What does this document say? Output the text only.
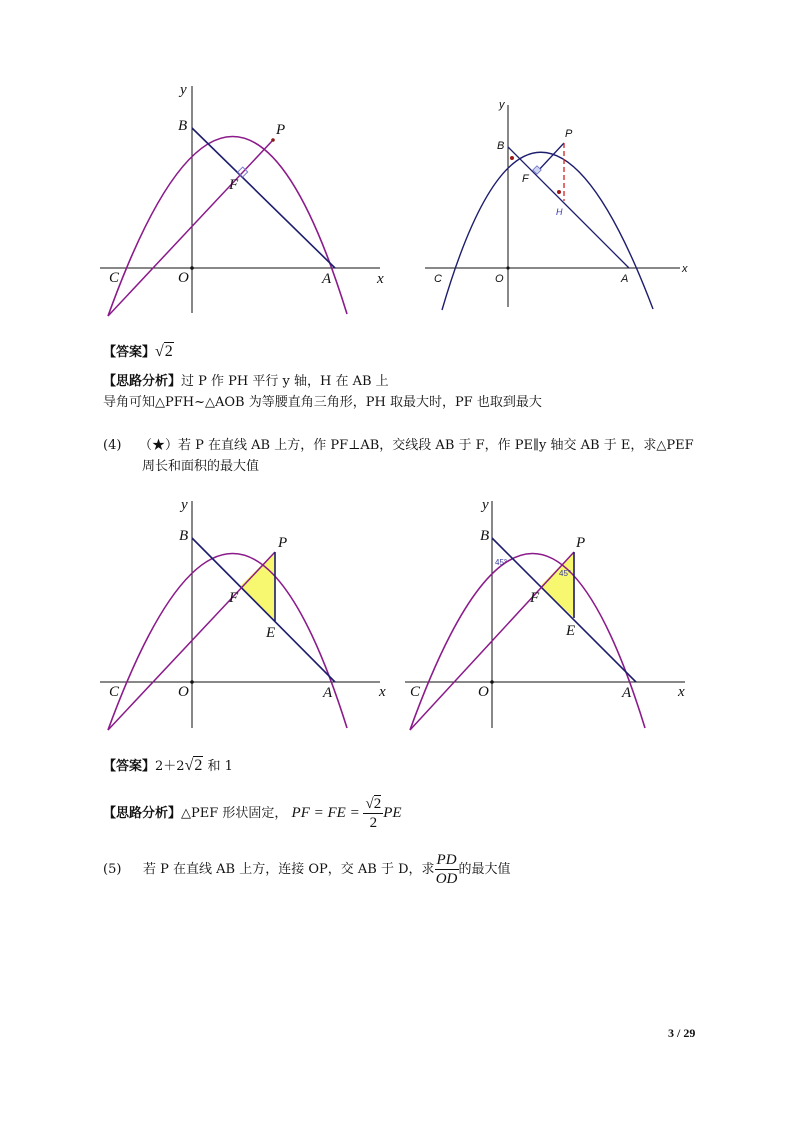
y
x
B	P
F
C	O	A
y
x
B
P
F
H
C	O	A
【答案】√2
【思路分析】过 P 作 PH 平行 y 轴，H 在 AB 上
导角可知△PFH~△AOB 为等腰直角三角形，PH 取最大时，PF 也取到最大
(4) （★）若 P 在直线 AB 上方，作 PF⊥AB，交线段 AB 于 F，作 PE∥y 轴交 AB 于 E，求△PEF
周长和面积的最大值
y
x
B	P
F
E
C	O	A
45°
45°
y
x
B	P
F
E
C	O	A
【答案】2＋2√2 和 1
【思路分析】△PEF 形状固定， PF = FE = $\frac{√2}{2}$ PE
(5) 若 P 在直线 AB 上方，连接 OP，交 AB 于 D，求 $\frac{PD}{OD}$ 的最大值
3 / 29
